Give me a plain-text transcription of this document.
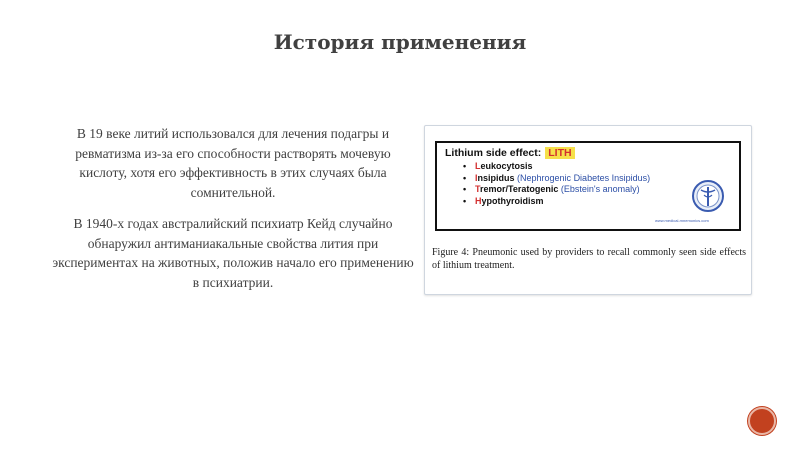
История применения

В 19 веке литий использовался для лечения подагры и ревматизма из-за его способности растворять мочевую кислоту, хотя его эффективность в этих случаях была сомнительной.

В 1940-х годах австралийский психиатр Кейд случайно обнаружил антиманиакальные свойства лития при экспериментах на животных, положив начало его применению в психиатрии.

Lithium side effect: LITH
• Leukocytosis
• Insipidus (Nephrogenic Diabetes Insipidus)
• Tremor/Teratogenic (Ebstein's anomaly)
• Hypothyroidism
www.medical-mnemonics.com
Figure 4: Pneumonic used by providers to recall commonly seen side effects of lithium treatment.
